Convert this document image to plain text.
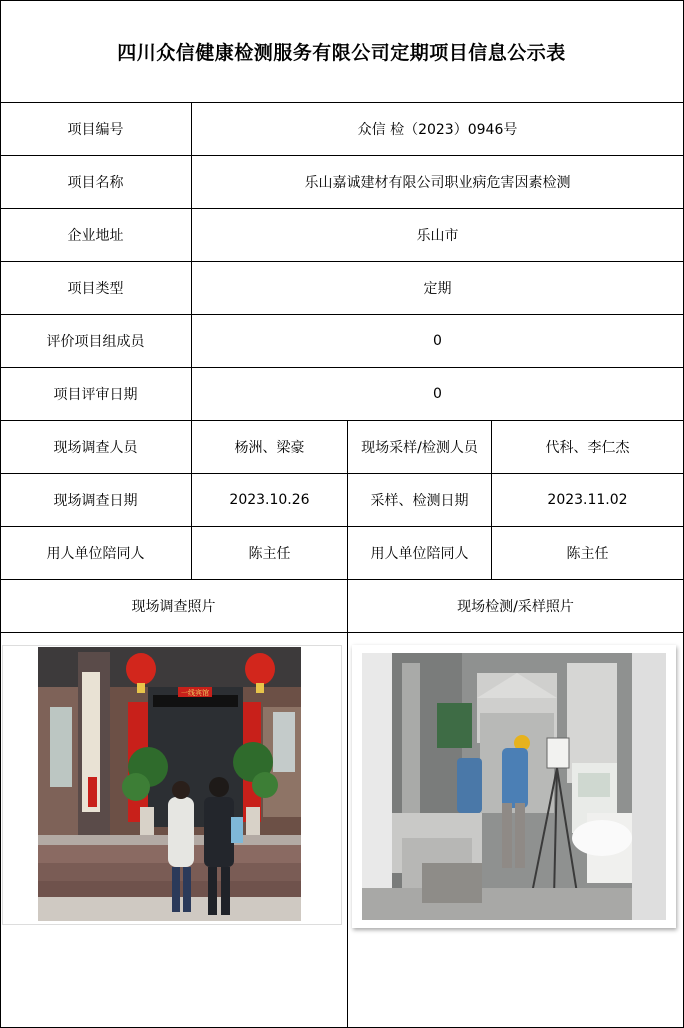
四川众信健康检测服务有限公司定期项目信息公示表
项目编号	众信 检（2023）0946号
项目名称	乐山嘉诚建材有限公司职业病危害因素检测
企业地址	乐山市
项目类型	定期
评价项目组成员	0
项目评审日期	0
现场调查人员	杨洲、梁豪	现场采样/检测人员	代科、李仁杰
现场调查日期	2023.10.26	采样、检测日期	2023.11.02
用人单位陪同人	陈主任	用人单位陪同人	陈主任
现场调查照片	现场检测/采样照片
一线宾馆
